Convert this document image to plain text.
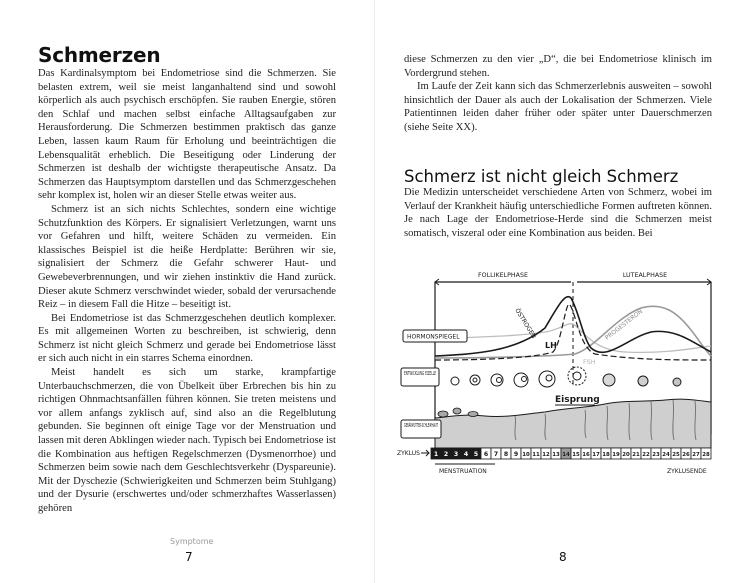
Schmerzen

Das Kardinalsymptom bei Endometriose sind die Schmerzen. Sie belasten extrem, weil sie meist langanhaltend sind und sowohl körperlich als auch psychisch erschöpfen. Sie rauben Energie, stören den Schlaf und machen selbst einfache Alltagsaufgaben zur Herausforderung. Die Schmerzen bestimmen praktisch das ganze Leben, lassen kaum Raum für Erholung und beeinträchtigen die Lebensqualität erheblich. Die Beseitigung oder Linderung der Schmerzen ist deshalb der wichtigste therapeutische Ansatz. Da Schmerzen das Hauptsymptom darstellen und das Schmerzgeschehen sehr komplex ist, holen wir an dieser Stelle etwas weiter aus.

Schmerz ist an sich nichts Schlechtes, sondern eine wichtige Schutzfunktion des Körpers. Er signalisiert Verletzungen, warnt uns vor Gefahren und hilft, weitere Schäden zu vermeiden. Ein klassisches Beispiel ist die heiße Herdplatte: Berühren wir sie, signalisiert der Schmerz die Gefahr schwerer Haut- und Gewebeverbrennungen, und wir ziehen instinktiv die Hand zurück. Dieser akute Schmerz verschwindet wieder, sobald der verursachende Reiz – in diesem Fall die Hitze – beseitigt ist.

Bei Endometriose ist das Schmerzgeschehen deutlich komplexer. Es mit allgemeinen Worten zu beschreiben, ist schwierig, denn Schmerz ist nicht gleich Schmerz und gerade bei Endometriose lässt er sich auch nicht in ein starres Schema einordnen.

Meist handelt es sich um starke, krampfartige Unterbauchschmerzen, die von Übelkeit über Erbrechen bis hin zu richtigen Ohnmachtsanfällen führen können. Sie treten meistens und vor allem anfangs zyklisch auf, sind also an die Regelblutung gebunden. Sie beginnen oft einige Tage vor der Menstruation und lassen mit deren Abklingen wieder nach. Typisch bei Endometriose ist die Kombination aus heftigen Regelschmerzen (Dysmenorrhoe) und Schmerzen beim sowie nach dem Geschlechtsverkehr (Dyspareunie). Mit der Dyschezie (Schwierigkeiten und Schmerzen beim Stuhlgang) und der Dysurie (erschwertes und/oder schmerzhaftes Wasserlassen) gehören

Symptome
7

diese Schmerzen zu den vier „D“, die bei Endometriose klinisch im Vordergrund stehen.

Im Laufe der Zeit kann sich das Schmerzerlebnis ausweiten – sowohl hinsichtlich der Dauer als auch der Lokalisation der Schmerzen. Viele Patientinnen leiden daher früher oder später unter Dauerschmerzen (siehe Seite XX).

Schmerz ist nicht gleich Schmerz

Die Medizin unterscheidet verschiedene Arten von Schmerz, wobei im Verlauf der Krankheit häufig unterschiedliche Formen auftreten können. Je nach Lage der Endometriose-Herde sind die Schmerzen meist somatisch, viszeral oder eine Kombination aus beiden. Bei

FOLLIKELPHASE	LUTEALPHASE
ÖSTROGEN	PROGESTERON
LH
FSH
HORMONSPIEGEL
ENTWICKLUNG EIZELLE
Eisprung
ZYKLUS 1 2 3 4 5 6 7 8 9 10 11 12 13 14 15 16 17 18 19 20 21 22 23 24 25 26 27 28
MENSTRUATION	ZYKLUSENDE
8
